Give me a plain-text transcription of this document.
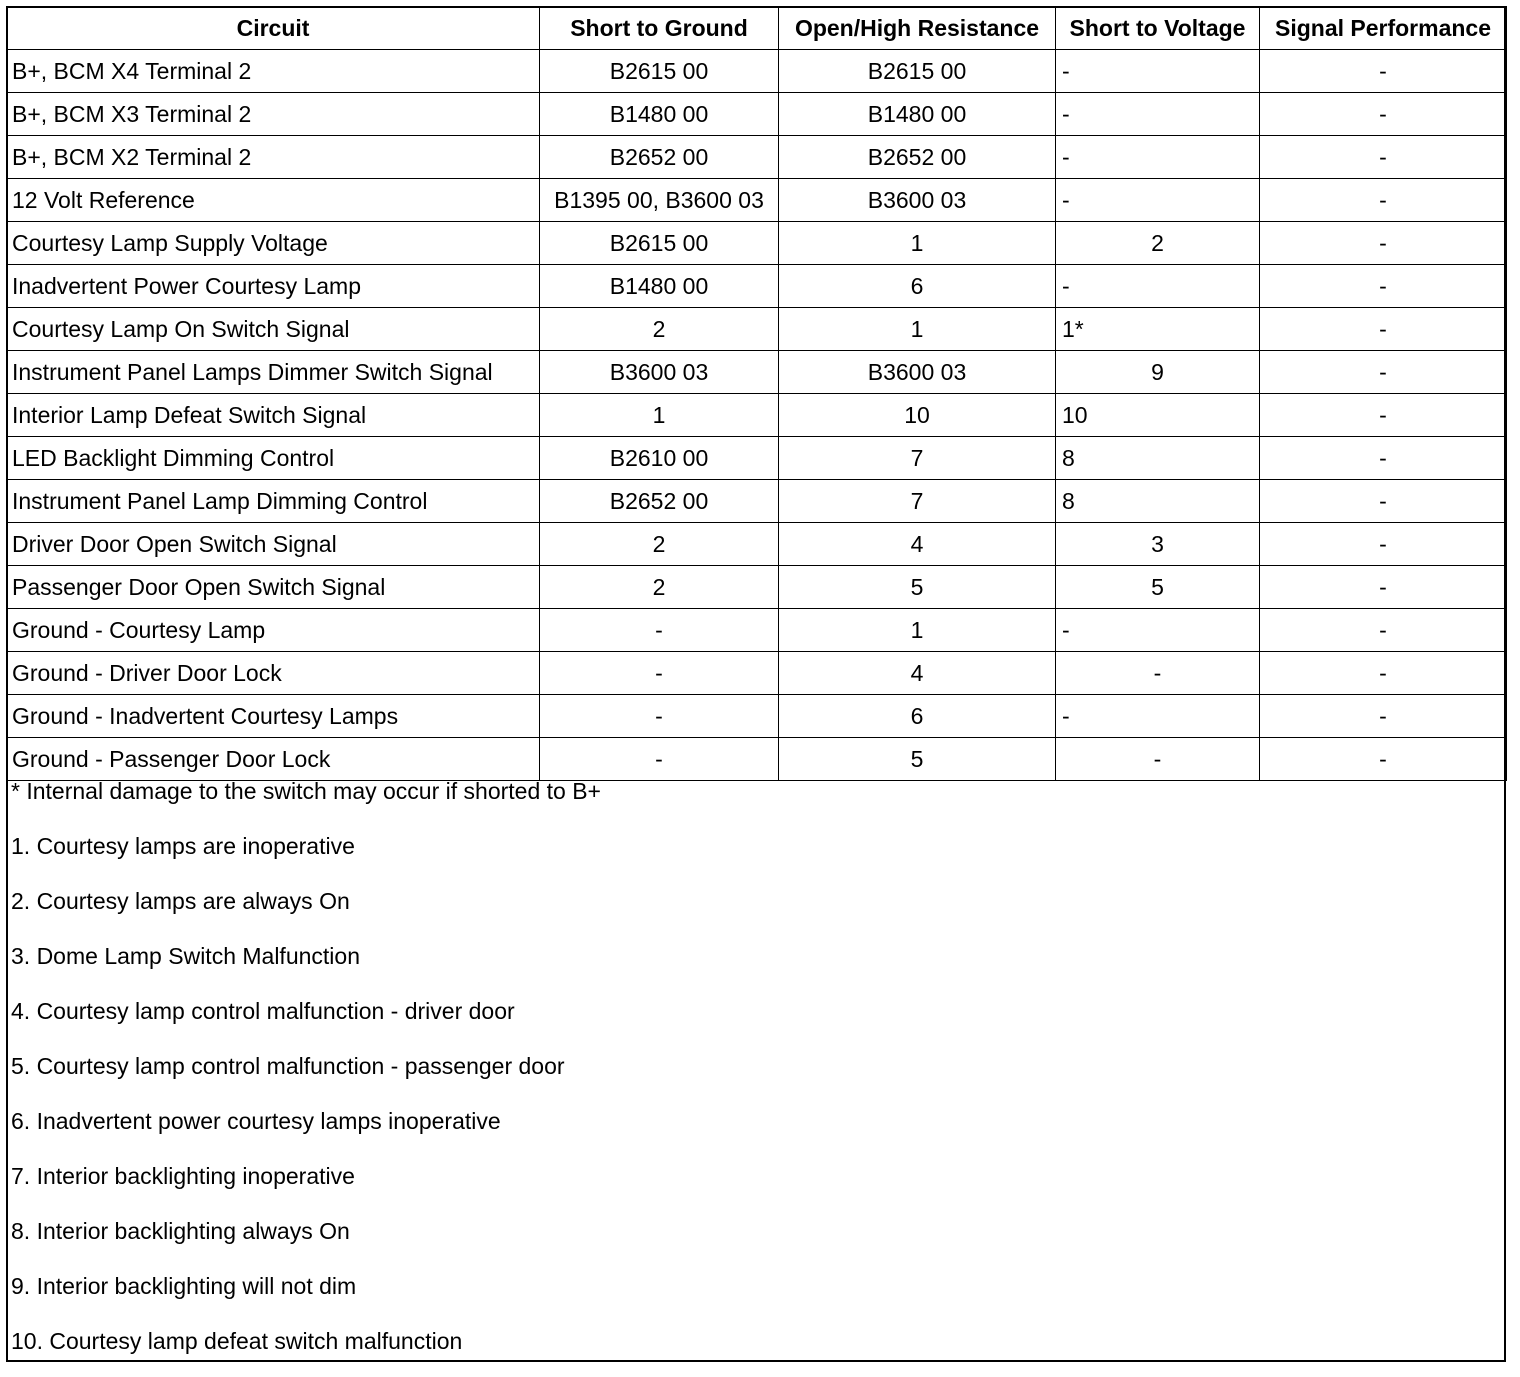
Circuit	Short to Ground	Open/High Resistance	Short to Voltage	Signal Performance
B+, BCM X4 Terminal 2	B2615 00	B2615 00	-	-
B+, BCM X3 Terminal 2	B1480 00	B1480 00	-	-
B+, BCM X2 Terminal 2	B2652 00	B2652 00	-	-
12 Volt Reference	B1395 00, B3600 03	B3600 03	-	-
Courtesy Lamp Supply Voltage	B2615 00	1	2	-
Inadvertent Power Courtesy Lamp	B1480 00	6	-	-
Courtesy Lamp On Switch Signal	2	1	1*	-
Instrument Panel Lamps Dimmer Switch Signal	B3600 03	B3600 03	9	-
Interior Lamp Defeat Switch Signal	1	10	10	-
LED Backlight Dimming Control	B2610 00	7	8	-
Instrument Panel Lamp Dimming Control	B2652 00	7	8	-
Driver Door Open Switch Signal	2	4	3	-
Passenger Door Open Switch Signal	2	5	5	-
Ground - Courtesy Lamp	-	1	-	-
Ground - Driver Door Lock	-	4	-	-
Ground - Inadvertent Courtesy Lamps	-	6	-	-
Ground - Passenger Door Lock	-	5	-	-
* Internal damage to the switch may occur if shorted to B+
1. Courtesy lamps are inoperative
2. Courtesy lamps are always On
3. Dome Lamp Switch Malfunction
4. Courtesy lamp control malfunction - driver door
5. Courtesy lamp control malfunction - passenger door
6. Inadvertent power courtesy lamps inoperative
7. Interior backlighting inoperative
8. Interior backlighting always On
9. Interior backlighting will not dim
10. Courtesy lamp defeat switch malfunction
